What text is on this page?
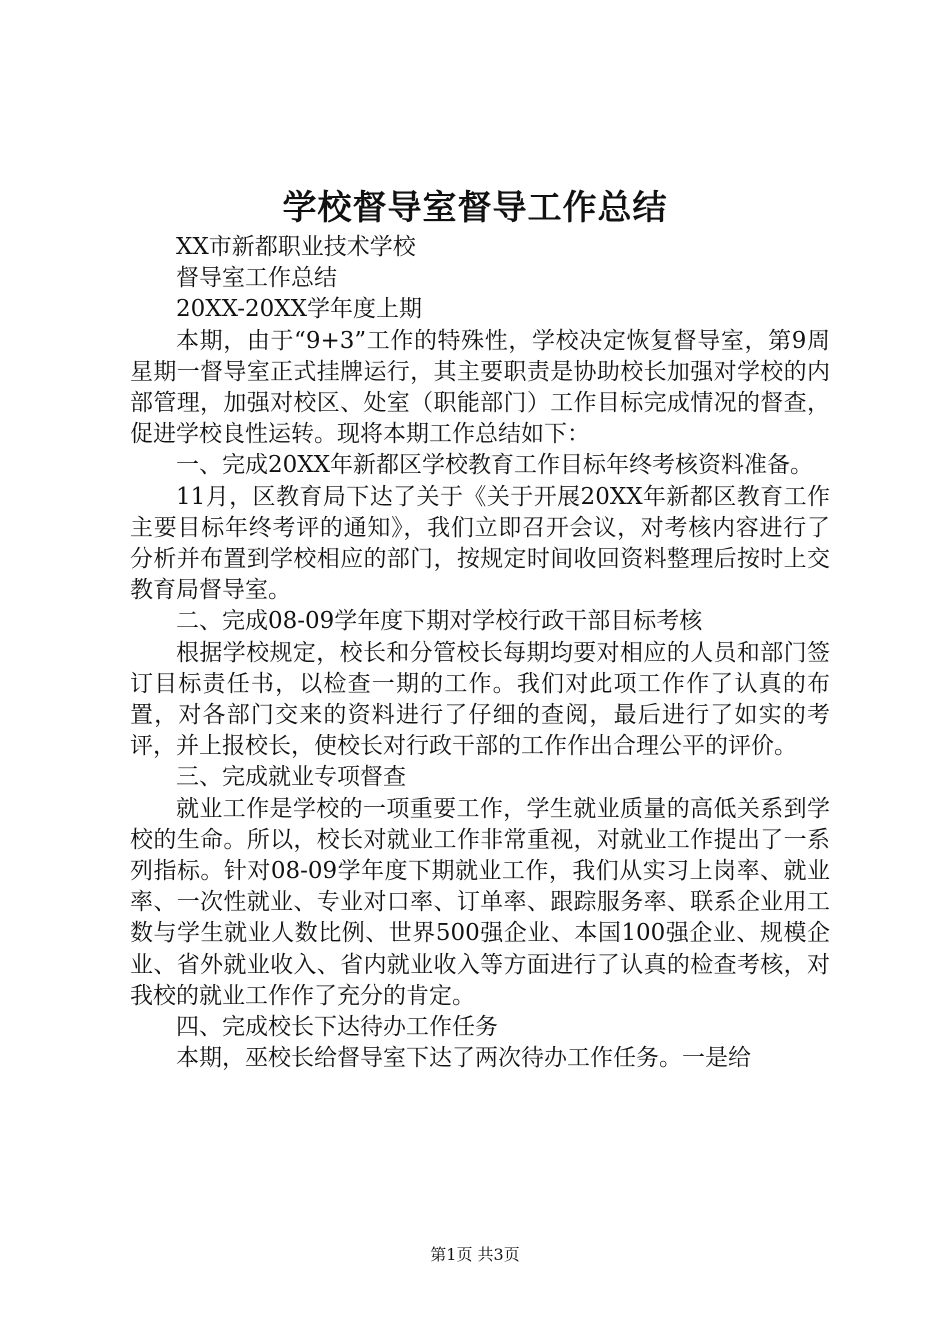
学校督导室督导工作总结

XX市新都职业技术学校

督导室工作总结

20XX-20XX学年度上期

本期，由于“9+3”工作的特殊性，学校决定恢复督导室，第9周星期一督导室正式挂牌运行，其主要职责是协助校长加强对学校的内部管理，加强对校区、处室（职能部门）工作目标完成情况的督查，促进学校良性运转。现将本期工作总结如下：

一、完成20XX年新都区学校教育工作目标年终考核资料准备。

11月，区教育局下达了关于《关于开展20XX年新都区教育工作主要目标年终考评的通知》，我们立即召开会议，对考核内容进行了分析并布置到学校相应的部门，按规定时间收回资料整理后按时上交教育局督导室。

二、完成08-09学年度下期对学校行政干部目标考核

根据学校规定，校长和分管校长每期均要对相应的人员和部门签订目标责任书，以检查一期的工作。我们对此项工作作了认真的布置，对各部门交来的资料进行了仔细的查阅，最后进行了如实的考评，并上报校长，使校长对行政干部的工作作出合理公平的评价。

三、完成就业专项督查

就业工作是学校的一项重要工作，学生就业质量的高低关系到学校的生命。所以，校长对就业工作非常重视，对就业工作提出了一系列指标。针对08-09学年度下期就业工作，我们从实习上岗率、就业率、一次性就业、专业对口率、订单率、跟踪服务率、联系企业用工数与学生就业人数比例、世界500强企业、本国100强企业、规模企业、省外就业收入、省内就业收入等方面进行了认真的检查考核，对我校的就业工作作了充分的肯定。

四、完成校长下达待办工作任务

本期，巫校长给督导室下达了两次待办工作任务。一是给

第1页 共3页
